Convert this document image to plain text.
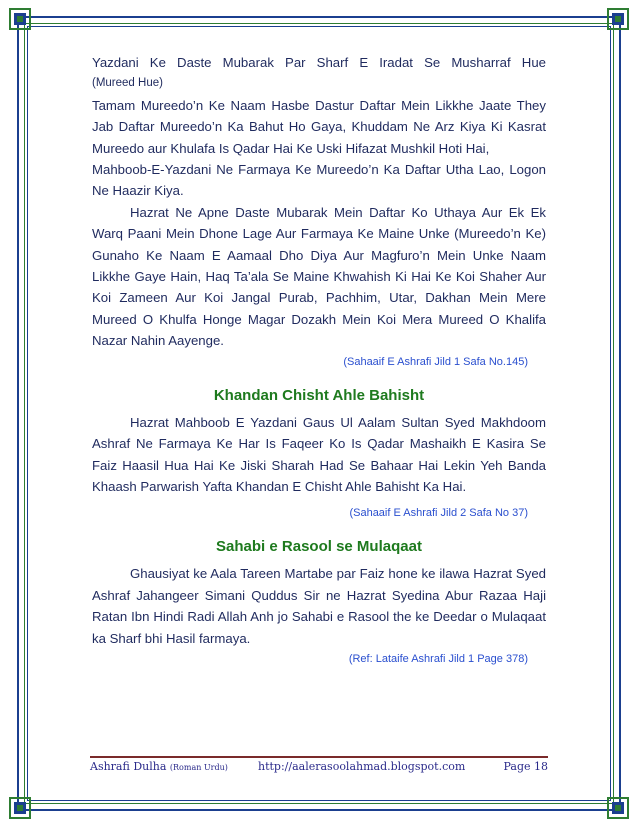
Yazdani Ke Daste Mubarak Par Sharf E Iradat Se Musharraf Hue

(Mureed Hue)

Tamam Mureedo’n Ke Naam Hasbe Dastur Daftar Mein Likkhe Jaate They Jab Daftar Mureedo’n Ka Bahut Ho Gaya, Khuddam Ne Arz Kiya Ki Kasrat Mureedo aur Khulafa Is Qadar Hai Ke Uski Hifazat Mushkil Hoti Hai,

Mahboob-E-Yazdani Ne Farmaya Ke Mureedo’n Ka Daftar Utha Lao, Logon Ne Haazir Kiya.

Hazrat Ne Apne Daste Mubarak Mein Daftar Ko Uthaya Aur Ek Ek Warq Paani Mein Dhone Lage Aur Farmaya Ke Maine Unke (Mureedo’n Ke) Gunaho Ke Naam E Aamaal Dho Diya Aur Magfuro’n Mein Unke Naam Likkhe Gaye Hain, Haq Ta’ala Se Maine Khwahish Ki Hai Ke Koi Shaher Aur Koi Zameen Aur Koi Jangal Purab, Pachhim, Utar, Dakhan Mein Mere Mureed O Khulfa Honge Magar Dozakh Mein Koi Mera Mureed O Khalifa Nazar Nahin Aayenge.

(Sahaaif E Ashrafi Jild 1 Safa No.145)

Khandan Chisht Ahle Bahisht

Hazrat Mahboob E Yazdani Gaus Ul Aalam Sultan Syed Makhdoom Ashraf Ne Farmaya Ke Har Is Faqeer Ko Is Qadar Mashaikh E Kasira Se Faiz Haasil Hua Hai Ke Jiski Sharah Had Se Bahaar Hai Lekin Yeh Banda Khaash Parwarish Yafta Khandan E Chisht Ahle Bahisht Ka Hai.

(Sahaaif E Ashrafi Jild 2 Safa No 37)

Sahabi e Rasool se Mulaqaat

Ghausiyat ke Aala Tareen Martabe par Faiz hone ke ilawa Hazrat Syed Ashraf Jahangeer Simani Quddus Sir ne Hazrat Syedina Abur Razaa Haji Ratan Ibn Hindi Radi Allah Anh jo Sahabi e Rasool the ke Deedar o Mulaqaat ka Sharf bhi Hasil farmaya.

(Ref: Lataife Ashrafi Jild 1 Page 378)

Ashrafi Dulha (Roman Urdu)	http://aalerasoolahmad.blogspot.com	Page 18
